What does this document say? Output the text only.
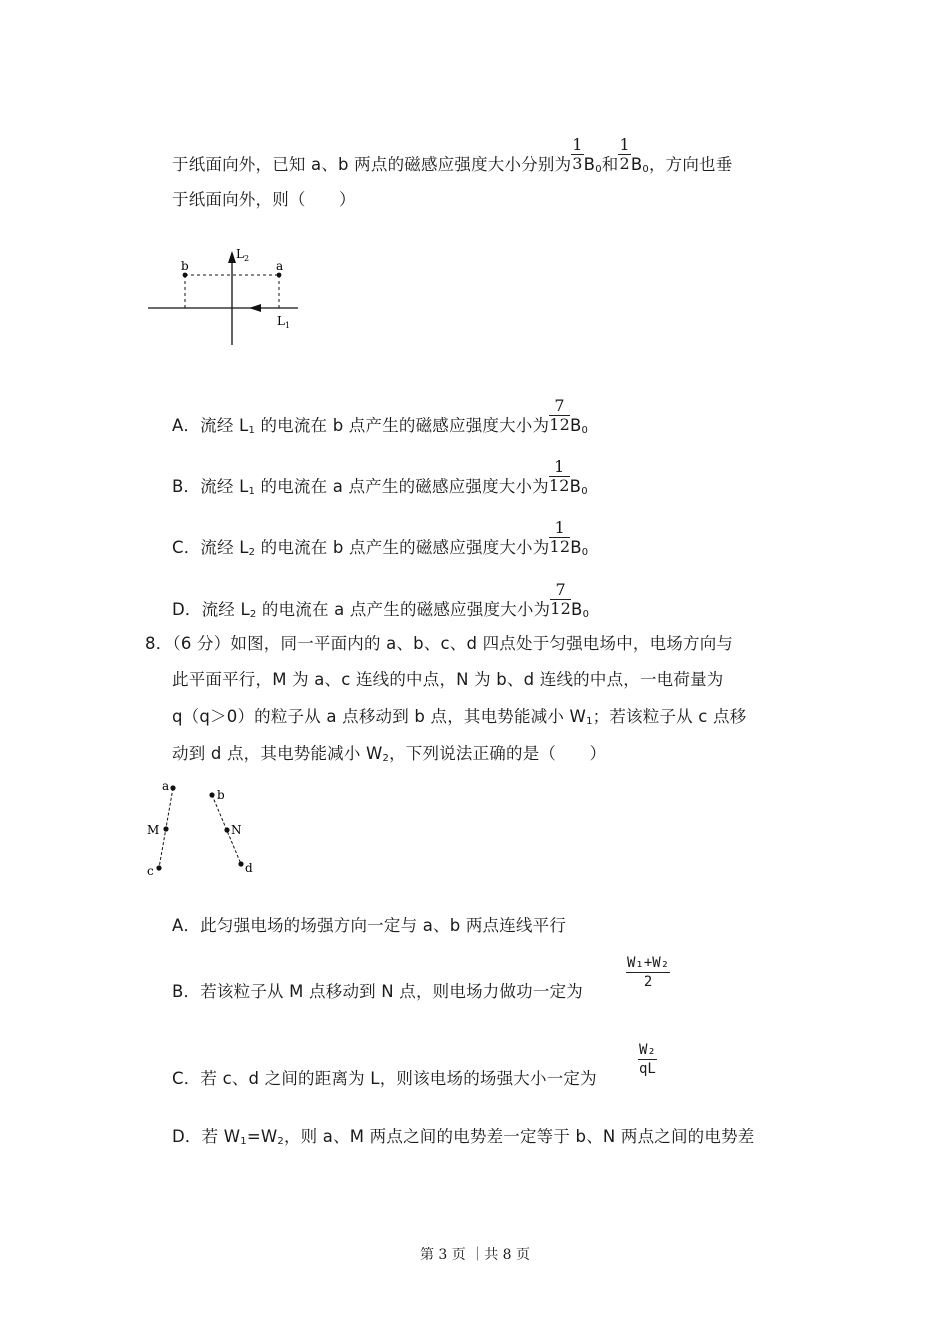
于纸面向外，已知 a、b 两点的磁感应强度大小分别为 $\frac{1}{3} B_0$和 $\frac{1}{2} B_0$，方向也垂
于纸面向外，则（　　）
b	a
L 2
L 1
A．流经 $L_1$ 的电流在 b 点产生的磁感应强度大小为 $\frac{7}{12} B_0$
B．流经 $L_1$ 的电流在 a 点产生的磁感应强度大小为 $\frac{1}{12} B_0$
C．流经 $L_2$ 的电流在 b 点产生的磁感应强度大小为 $\frac{1}{12} B_0$
D．流经 $L_2$ 的电流在 a 点产生的磁感应强度大小为 $\frac{7}{12} B_0$
8．（6 分）如图，同一平面内的 a、b、c、d 四点处于匀强电场中，电场方向与
此平面平行，M 为 a、c 连线的中点，N 为 b、d 连线的中点，一电荷量为
q（q＞0）的粒子从 a 点移动到 b 点，其电势能减小 $W_1$；若该粒子从 c 点移
动到 d 点，其电势能减小 $W_2$，下列说法正确的是（　　）
a
M
c
b
N
d
A．此匀强电场的场强方向一定与 a、b 两点连线平行
B．若该粒子从 M 点移动到 N 点，则电场力做功一定为
$\frac{\text{W₁+W₂}}{2}$
C．若 c、d 之间的距离为 L，则该电场的场强大小一定为
$\frac{\text{W₂}}{qL}$
D．若 $W_1=W_2$，则 a、M 两点之间的电势差一定等于 b、N 两点之间的电势差
第 3 页 ｜共 8 页
